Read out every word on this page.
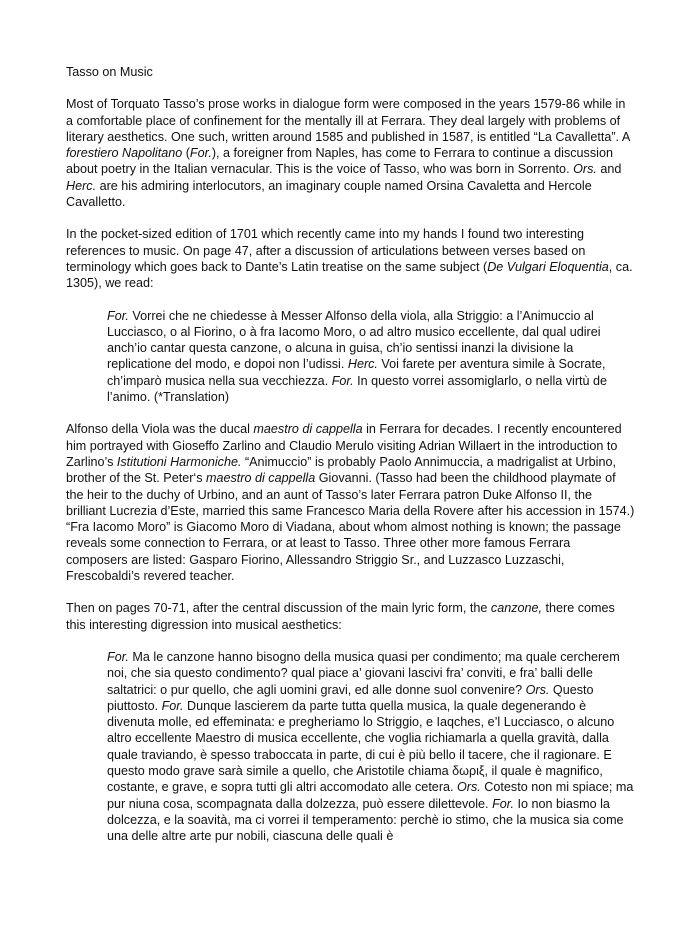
Tasso on Music

Most of Torquato Tasso’s prose works in dialogue form were composed in the years 1579-86 while in a comfortable place of confinement for the mentally ill at Ferrara. They deal largely with problems of literary aesthetics. One such, written around 1585 and published in 1587, is entitled “La Cavalletta”. A forestiero Napolitano (For.), a foreigner from Naples, has come to Ferrara to continue a discussion about poetry in the Italian vernacular. This is the voice of Tasso, who was born in Sorrento. Ors. and Herc. are his admiring interlocutors, an imaginary couple named Orsina Cavaletta and Hercole Cavalletto.

In the pocket-sized edition of 1701 which recently came into my hands I found two interesting references to music. On page 47, after a discussion of articulations between verses based on terminology which goes back to Dante’s Latin treatise on the same subject (De Vulgari Eloquentia, ca. 1305), we read:

For. Vorrei che ne chiedesse à Messer Alfonso della viola, alla Striggio: a l’Animuccio al Lucciasco, o al Fiorino, o à fra Iacomo Moro, o ad altro musico eccellente, dal qual udirei anch’io cantar questa canzone, o alcuna in guisa, ch’io sentissi inanzi la divisione la replicatione del modo, e dopoi non l’udissi. Herc. Voi farete per aventura simile à Socrate, ch’imparò musica nella sua vecchiezza. For. In questo vorrei assomiglarlo, o nella virtù de l’animo. (*Translation)

Alfonso della Viola was the ducal maestro di cappella in Ferrara for decades. I recently encountered him portrayed with Gioseffo Zarlino and Claudio Merulo visiting Adrian Willaert in the introduction to Zarlino’s Istitutioni Harmoniche. “Animuccio” is probably Paolo Annimuccia, a madrigalist at Urbino, brother of the St. Peter‘s maestro di cappella Giovanni. (Tasso had been the childhood playmate of the heir to the duchy of Urbino, and an aunt of Tasso’s later Ferrara patron Duke Alfonso II, the brilliant Lucrezia d’Este, married this same Francesco Maria della Rovere after his accession in 1574.) “Fra Iacomo Moro” is Giacomo Moro di Viadana, about whom almost nothing is known; the passage reveals some connection to Ferrara, or at least to Tasso. Three other more famous Ferrara composers are listed: Gasparo Fiorino, Allessandro Striggio Sr., and Luzzasco Luzzaschi, Frescobaldi’s revered teacher.

Then on pages 70-71, after the central discussion of the main lyric form, the canzone, there comes this interesting digression into musical aesthetics:

For. Ma le canzone hanno bisogno della musica quasi per condimento; ma quale cercherem noi, che sia questo condimento? qual piace a’ giovani lascivi fra’ conviti, e fra’ balli delle saltatrici: o pur quello, che agli uomini gravi, ed alle donne suol convenire? Ors. Questo piuttosto. For. Dunque lascierem da parte tutta quella musica, la quale degenerando è divenuta molle, ed effeminata: e pregheriamo lo Striggio, e Iaqches, e’l Lucciasco, o alcuno altro eccellente Maestro di musica eccellente, che voglia richiamarla a quella gravità, dalla quale traviando, è spesso traboccata in parte, di cui è più bello il tacere, che il ragionare. E questo modo grave sarà simile a quello, che Aristotile chiama δωριξ, il quale è magnifico, costante, e grave, e sopra tutti gli altri accomodato alle cetera. Ors. Cotesto non mi spiace; ma pur niuna cosa, scompagnata dalla dolzezza, può essere dilettevole. For. Io non biasmo la dolcezza, e la soavità, ma ci vorrei il temperamento: perchè io stimo, che la musica sia come una delle altre arte pur nobili, ciascuna delle quali è
